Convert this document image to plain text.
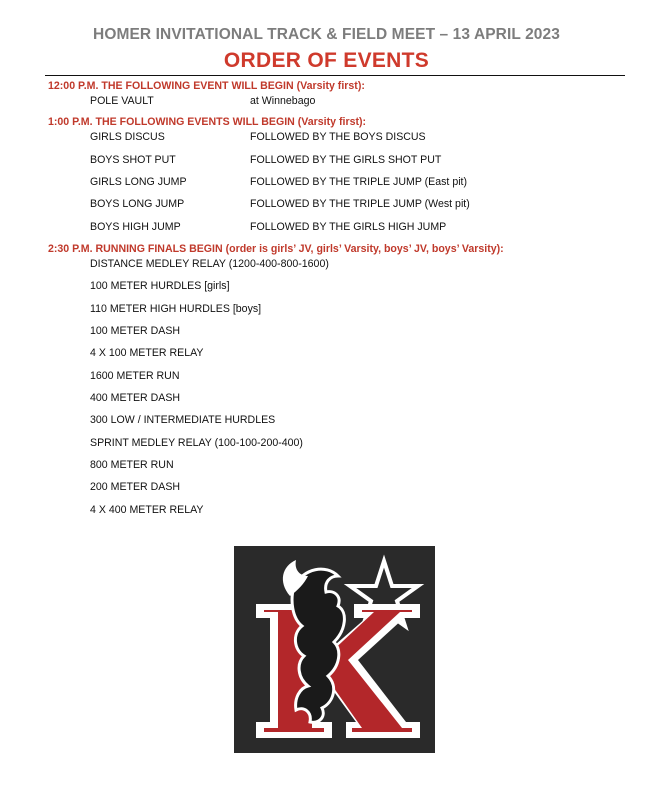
HOMER INVITATIONAL TRACK & FIELD MEET – 13 APRIL 2023
ORDER OF EVENTS
12:00 P.M. THE FOLLOWING EVENT WILL BEGIN (Varsity first):
POLE VAULT	at Winnebago
1:00 P.M. THE FOLLOWING EVENTS WILL BEGIN (Varsity first):
GIRLS DISCUS	FOLLOWED BY THE BOYS DISCUS
BOYS SHOT PUT	FOLLOWED BY THE GIRLS SHOT PUT
GIRLS LONG JUMP	FOLLOWED BY THE TRIPLE JUMP (East pit)
BOYS LONG JUMP	FOLLOWED BY THE TRIPLE JUMP (West pit)
BOYS HIGH JUMP	FOLLOWED BY THE GIRLS HIGH JUMP
2:30 P.M. RUNNING FINALS BEGIN (order is girls’ JV, girls’ Varsity, boys’ JV, boys’ Varsity):
DISTANCE MEDLEY RELAY (1200-400-800-1600)
100 METER HURDLES [girls]
110 METER HIGH HURDLES [boys]
100 METER DASH
4 X 100 METER RELAY
1600 METER RUN
400 METER DASH
300 LOW / INTERMEDIATE HURDLES
SPRINT MEDLEY RELAY (100-100-200-400)
800 METER RUN
200 METER DASH
4 X 400 METER RELAY
